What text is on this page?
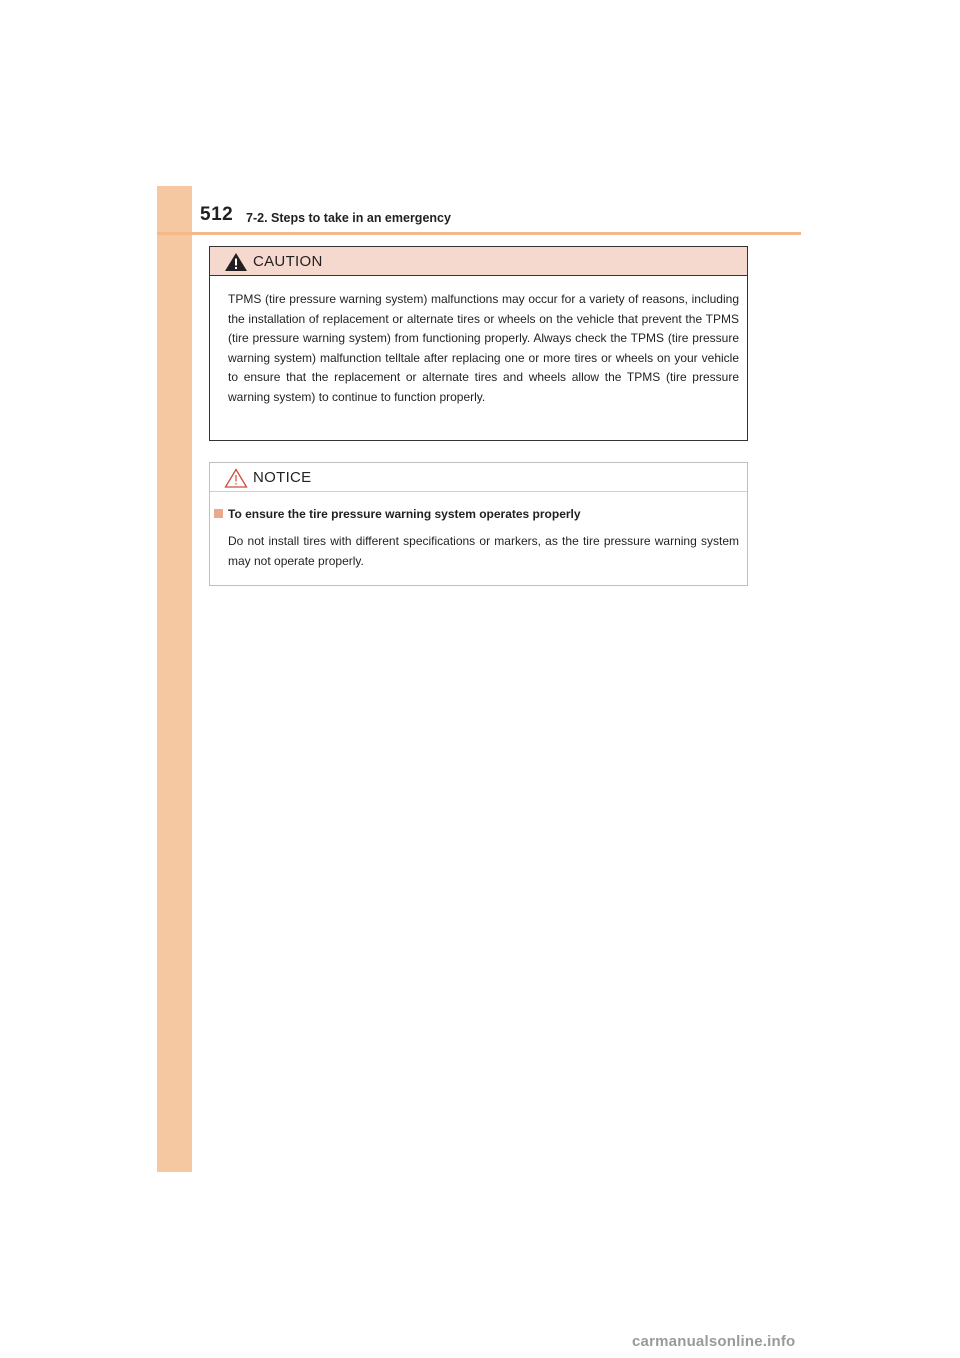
512 7-2. Steps to take in an emergency
CAUTION
TPMS (tire pressure warning system) malfunctions may occur for a variety of reasons, including the installation of replacement or alternate tires or wheels on the vehicle that prevent the TPMS (tire pressure warning system) from functioning properly. Always check the TPMS (tire pressure warning system) malfunction telltale after replacing one or more tires or wheels on your vehicle to ensure that the replacement or alternate tires and wheels allow the TPMS (tire pressure warning system) to continue to function properly.
NOTICE
To ensure the tire pressure warning system operates properly
Do not install tires with different specifications or markers, as the tire pressure warning system may not operate properly.
carmanualsonline.info
